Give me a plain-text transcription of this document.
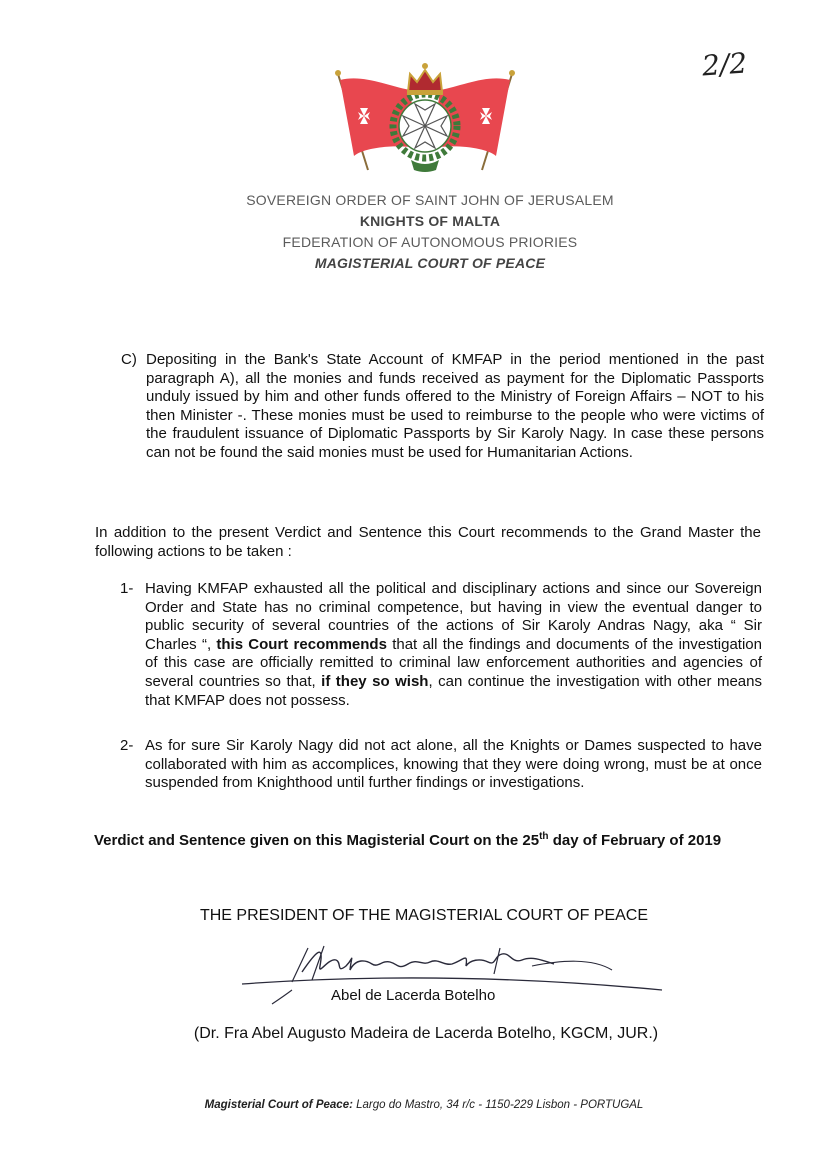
2/2
SOVEREIGN ORDER OF SAINT JOHN OF JERUSALEM
KNIGHTS OF MALTA
FEDERATION OF AUTONOMOUS PRIORIES
MAGISTERIAL COURT OF PEACE
C) Depositing in the Bank's State Account of KMFAP in the period mentioned in the past paragraph A), all the monies and funds received as payment for the Diplomatic Passports unduly issued by him and other funds offered to the Ministry of Foreign Affairs – NOT to his then Minister -. These monies must be used to reimburse to the people who were victims of the fraudulent issuance of Diplomatic Passports by Sir Karoly Nagy. In case these persons can not be found the said monies must be used for Humanitarian Actions.
In addition to the present Verdict and Sentence this Court recommends to the Grand Master the following actions to be taken :
1- Having KMFAP exhausted all the political and disciplinary actions and since our Sovereign Order and State has no criminal competence, but having in view the eventual danger to public security of several countries of the actions of Sir Karoly Andras Nagy, aka “ Sir Charles “, this Court recommends that all the findings and documents of the investigation of this case are officially remitted to criminal law enforcement authorities and agencies of several countries so that, if they so wish, can continue the investigation with other means that KMFAP does not possess.
2- As for sure Sir Karoly Nagy did not act alone, all the Knights or Dames suspected to have collaborated with him as accomplices, knowing that they were doing wrong, must be at once suspended from Knighthood until further findings or investigations.
Verdict and Sentence given on this Magisterial Court on the 25th day of February of 2019
THE PRESIDENT OF THE MAGISTERIAL COURT OF PEACE
Abel de Lacerda Botelho
(Dr. Fra Abel Augusto Madeira de Lacerda Botelho, KGCM, JUR.)
Magisterial Court of Peace: Largo do Mastro, 34 r/c - 1150-229 Lisbon - PORTUGAL
